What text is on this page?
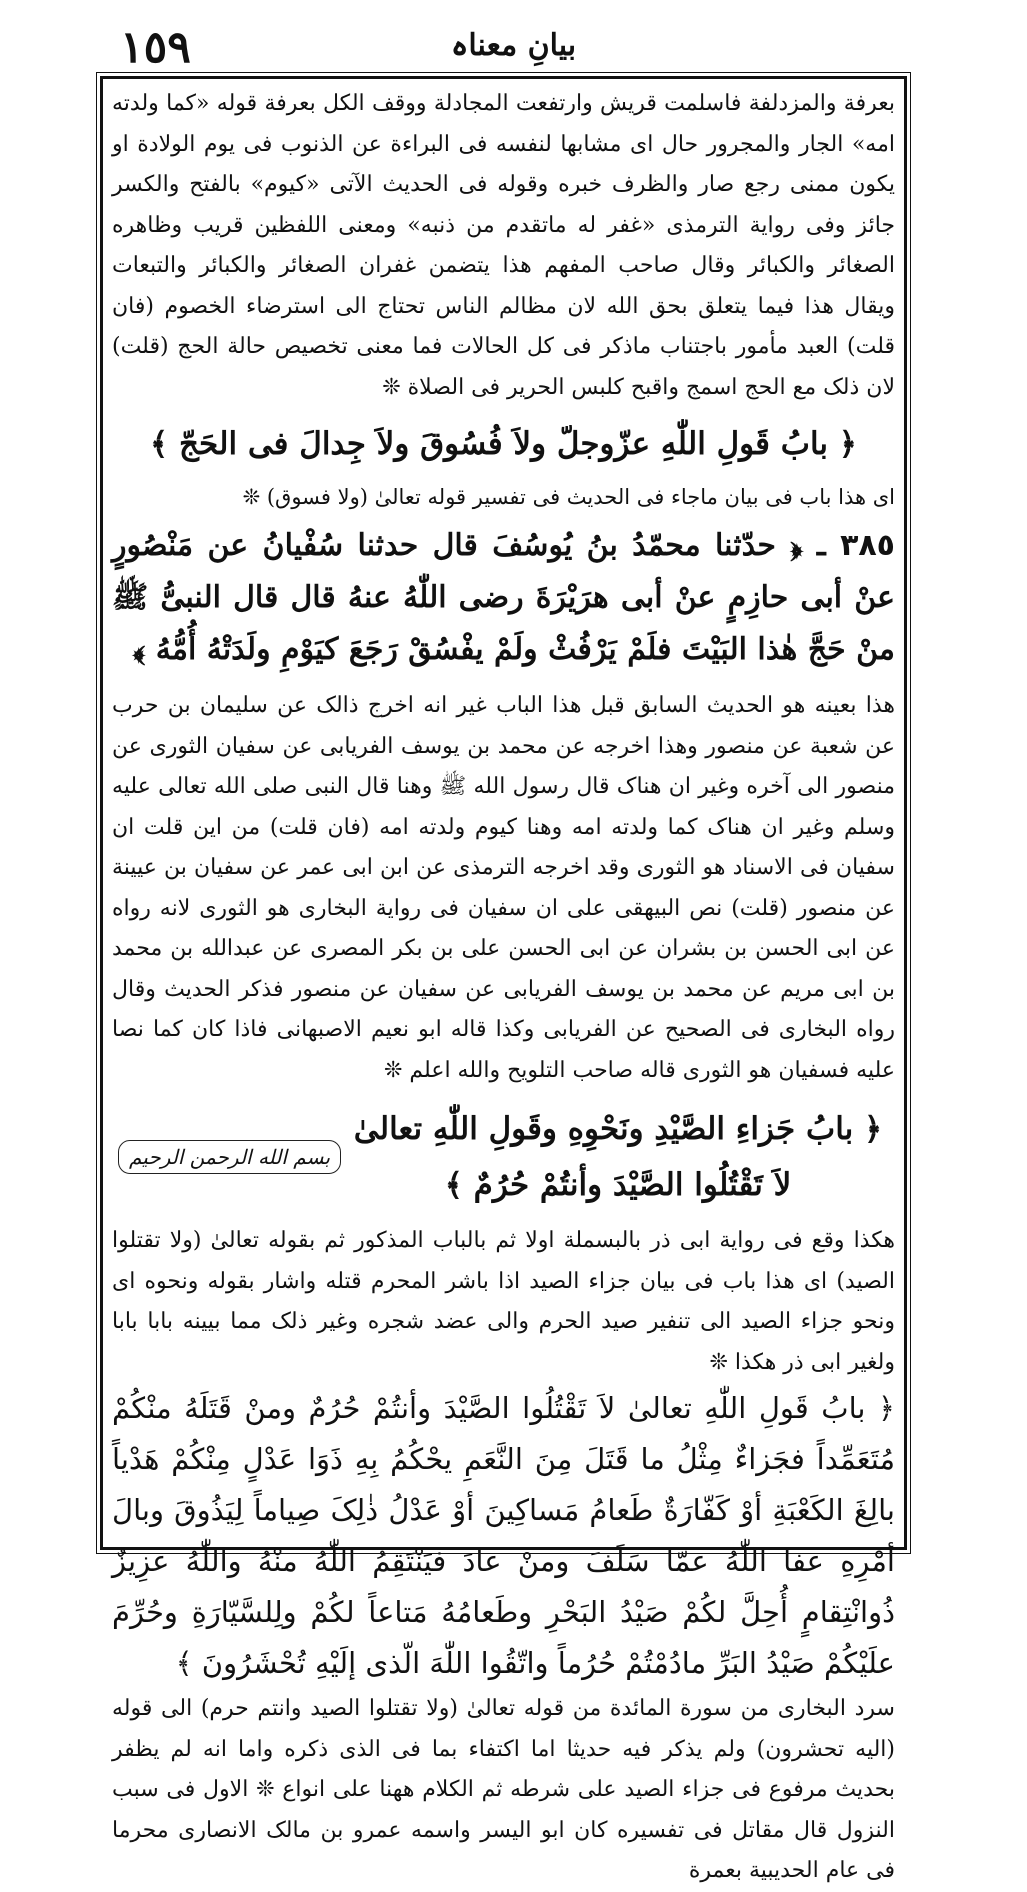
١٥٩	بیانِ معناہ

بعرفة والمزدلفة فاسلمت قریش وارتفعت المجادلة ووقف الکل بعرفة قوله «کما ولدته امه» الجار والمجرور حال ای مشابها لنفسه فی البراءة عن الذنوب فی یوم الولادة او یکون ممنی رجع صار والظرف خبره وقوله فی الحدیث الآتی «کیوم» بالفتح والکسر جائز وفی روایة الترمذی «غفر له ماتقدم من ذنبه» ومعنی اللفظین قریب وظاهره الصغائر والکبائر وقال صاحب المفهم هذا یتضمن غفران الصغائر والکبائر والتبعات ویقال هذا فیما یتعلق بحق الله لان مظالم الناس تحتاج الی استرضاء الخصوم (فان قلت) العبد مأمور باجتناب ماذکر فی کل الحالات فما معنی تخصیص حالة الحج (قلت) لان ذلک مع الحج اسمج واقبح کلبس الحریر فی الصلاة ❊

﴿ بابُ قَولِ اللّٰهِ عزّوجلّ ولاَ فُسُوقَ ولاَ جِدالَ فی الحَجّ ﴾

ای هذا باب فی بیان ماجاء فی الحدیث فی تفسیر قوله تعالیٰ (ولا فسوق) ❊

٣٨٥ ـ ﴿ حدّثنا محمّدُ بنُ یُوسُفَ قال حدثنا سُفْیانُ عن مَنْصُورٍ عنْ أبی حازِمٍ عنْ أبی هرَیْرَةَ رضی اللّٰهُ عنهُ قال قال النبیُّ ﷺ منْ حَجَّ هٰذا البَیْتَ فلَمْ یَرْفُثْ ولَمْ یفْسُقْ رَجَعَ کیَوْمِ ولَدَتْهُ أُمُّهُ ﴾

هذا بعینه هو الحدیث السابق قبل هذا الباب غیر انه اخرج ذالک عن سلیمان بن حرب عن شعبة عن منصور وهذا اخرجه عن محمد بن یوسف الفریابی عن سفیان الثوری عن منصور الی آخره وغیر ان هناک قال رسول الله ﷺ وهنا قال النبی صلی الله تعالی علیه وسلم وغیر ان هناک کما ولدته امه وهنا کیوم ولدته امه (فان قلت) من این قلت ان سفیان فی الاسناد هو الثوری وقد اخرجه الترمذی عن ابن ابی عمر عن سفیان بن عیینة عن منصور (قلت) نص البیهقی علی ان سفیان فی روایة البخاری هو الثوری لانه رواه عن ابی الحسن بن بشران عن ابی الحسن علی بن بکر المصری عن عبدالله بن محمد بن ابی مریم عن محمد بن یوسف الفریابی عن سفیان عن منصور فذکر الحدیث وقال رواه البخاری فی الصحیح عن الفریابی وکذا قاله ابو نعیم الاصبهانی فاذا کان کما نصا علیه فسفیان هو الثوری قاله صاحب التلویح والله اعلم ❊

﴿ بابُ جَزاءِ الصَّیْدِ ونَحْوِهِ وقَولِ اللّٰهِ تعالیٰ لاَ تَقْتُلُوا الصَّیْدَ وأنتُمْ حُرُمٌ ﴾
بسم الله الرحمن الرحیم

هکذا وقع فی روایة ابی ذر بالبسملة اولا ثم بالباب المذکور ثم بقوله تعالیٰ (ولا تقتلوا الصید) ای هذا باب فی بیان جزاء الصید اذا باشر المحرم قتله واشار بقوله ونحوه ای ونحو جزاء الصید الی تنفیر صید الحرم والی عضد شجره وغیر ذلک مما بیینه بابا بابا ولغیر ابی ذر هکذا ❊

﴿ بابُ قَولِ اللّٰهِ تعالیٰ لاَ تَقْتُلُوا الصَّیْدَ وأنتُمْ حُرُمٌ ومنْ قَتَلَهُ منْکُمْ مُتَعَمِّداً فجَزاءٌ مِثْلُ ما قَتَلَ مِنَ النَّعَمِ یحْکُمُ بِهِ ذَوَا عَدْلٍ مِنْکُمْ هَدْیاً بالِغَ الکَعْبَةِ أوْ کَفّارَةٌ طَعامُ مَساکِینَ أوْ عَدْلُ ذٰلِکَ صِیاماً لِیَذُوقَ وبالَ أمْرِهِ عفا اللّٰهُ عمّا سَلَفَ ومنْ عادَ فیَنْتَقِمُ اللّٰهُ منْهُ واللّٰهُ عزِیزٌ ذُوانْتِقامٍ أُحِلَّ لکُمْ صَیْدُ البَحْرِ وطَعامُهُ مَتاعاً لکُمْ ولِلسَّیّارَةِ وحُرِّمَ علَیْکُمْ صَیْدُ البَرِّ مادُمْتُمْ حُرُماً واتّقُوا اللّٰهَ الّذی إلَیْهِ تُحْشَرُونَ ﴾

سرد البخاری من سورة المائدة من قوله تعالیٰ (ولا تقتلوا الصید وانتم حرم) الی قوله (الیه تحشرون) ولم یذکر فیه حدیثا اما اکتفاء بما فی الذی ذکره واما انه لم یظفر بحدیث مرفوع فی جزاء الصید علی شرطه ثم الکلام ههنا علی انواع ❊ الاول فی سبب النزول قال مقاتل فی تفسیره کان ابو الیسر واسمه عمرو بن مالک الانصاری محرما فی عام الحدیبیة بعمرة
